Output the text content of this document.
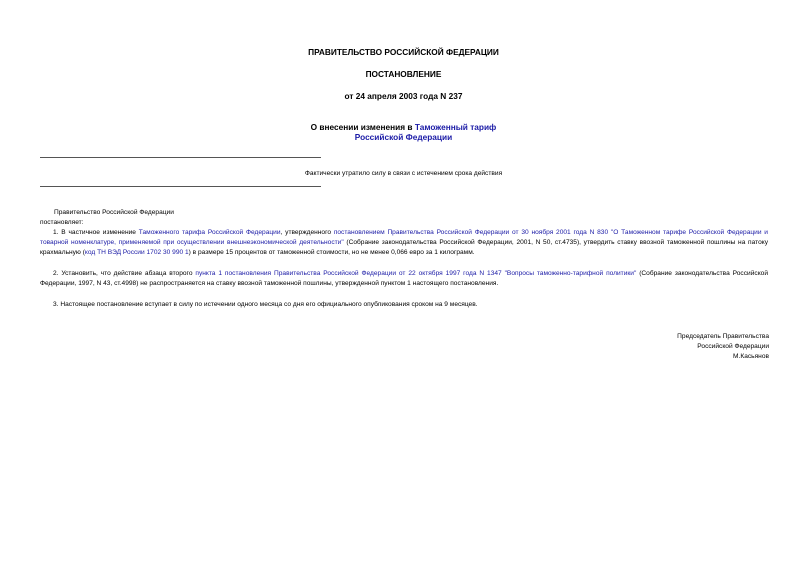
ПРАВИТЕЛЬСТВО РОССИЙСКОЙ ФЕДЕРАЦИИ
ПОСТАНОВЛЕНИЕ
от 24 апреля 2003 года N 237
О внесении изменения в Таможенный тариф
Российской Федерации
Фактически утратило силу в связи с истечением срока действия
Правительство Российской Федерации
постановляет:
1. В частичное изменение Таможенного тарифа Российской Федерации, утвержденного постановлением Правительства Российской Федерации от 30 ноября 2001 года N 830 "О Таможенном тарифе Российской Федерации и товарной номенклатуре, применяемой при осуществлении внешнеэкономической деятельности" (Собрание законодательства Российской Федерации, 2001, N 50, ст.4735), утвердить ставку ввозной таможенной пошлины на патоку крахмальную (код ТН ВЭД России 1702 30 990 1) в размере 15 процентов от таможенной стоимости, но не менее 0,066 евро за 1 килограмм.
2. Установить, что действие абзаца второго пункта 1 постановления Правительства Российской Федерации от 22 октября 1997 года N 1347 "Вопросы таможенно-тарифной политики" (Собрание законодательства Российской Федерации, 1997, N 43, ст.4998) не распространяется на ставку ввозной таможенной пошлины, утвержденной пунктом 1 настоящего постановления.
3. Настоящее постановление вступает в силу по истечении одного месяца со дня его официального опубликования сроком на 9 месяцев.
Председатель Правительства
Российской Федерации
М.Касьянов
